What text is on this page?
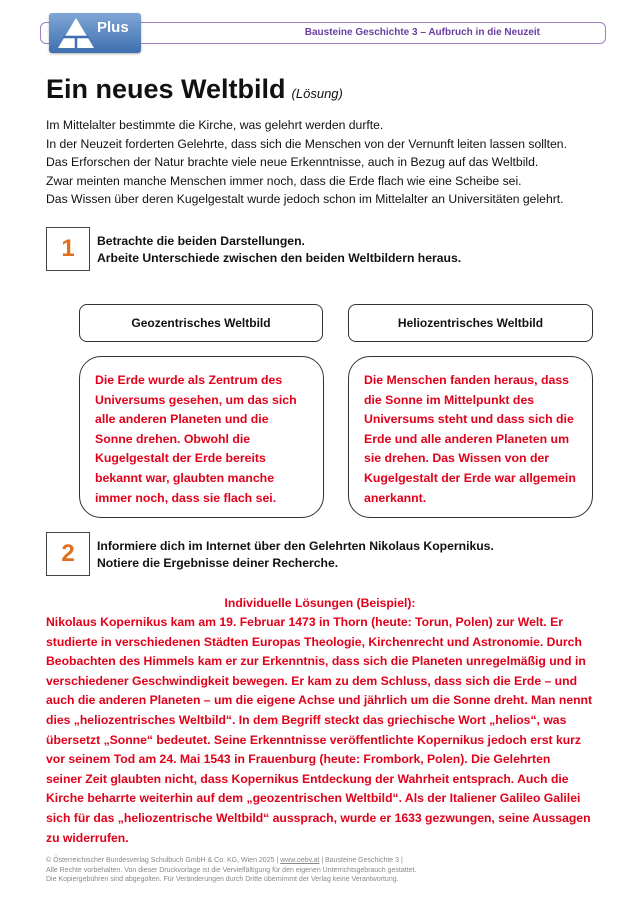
Plus	Bausteine Geschichte 3 – Aufbruch in die Neuzeit
Ein neues Weltbild (Lösung)
Im Mittelalter bestimmte die Kirche, was gelehrt werden durfte.
In der Neuzeit forderten Gelehrte, dass sich die Menschen von der Vernunft leiten lassen sollten.
Das Erforschen der Natur brachte viele neue Erkenntnisse, auch in Bezug auf das Weltbild.
Zwar meinten manche Menschen immer noch, dass die Erde flach wie eine Scheibe sei.
Das Wissen über deren Kugelgestalt wurde jedoch schon im Mittelalter an Universitäten gelehrt.
1	Betrachte die beiden Darstellungen.
Arbeite Unterschiede zwischen den beiden Weltbildern heraus.
Geozentrisches Weltbild	Heliozentrisches Weltbild
Die Erde wurde als Zentrum des
Universums gesehen, um das sich
alle anderen Planeten und die
Sonne drehen. Obwohl die
Kugelgestalt der Erde bereits
bekannt war, glaubten manche
immer noch, dass sie flach sei.
Die Menschen fanden heraus, dass
die Sonne im Mittelpunkt des
Universums steht und dass sich die
Erde und alle anderen Planeten um
sie drehen. Das Wissen von der
Kugelgestalt der Erde war allgemein
anerkannt.
2	Informiere dich im Internet über den Gelehrten Nikolaus Kopernikus.
Notiere die Ergebnisse deiner Recherche.
Individuelle Lösungen (Beispiel):
Nikolaus Kopernikus kam am 19. Februar 1473 in Thorn (heute: Torun, Polen) zur Welt. Er
studierte in verschiedenen Städten Europas Theologie, Kirchenrecht und Astronomie. Durch
Beobachten des Himmels kam er zur Erkenntnis, dass sich die Planeten unregelmäßig und in
verschiedener Geschwindigkeit bewegen. Er kam zu dem Schluss, dass sich die Erde – und
auch die anderen Planeten – um die eigene Achse und jährlich um die Sonne dreht. Man nennt
dies „heliozentrisches Weltbild“. In dem Begriff steckt das griechische Wort „helios“, was
übersetzt „Sonne“ bedeutet. Seine Erkenntnisse veröffentlichte Kopernikus jedoch erst kurz
vor seinem Tod am 24. Mai 1543 in Frauenburg (heute: Frombork, Polen). Die Gelehrten
seiner Zeit glaubten nicht, dass Kopernikus Entdeckung der Wahrheit entsprach. Auch die
Kirche beharrte weiterhin auf dem „geozentrischen Weltbild“. Als der Italiener Galileo Galilei
sich für das „heliozentrische Weltbild“ aussprach, wurde er 1633 gezwungen, seine Aussagen
zu widerrufen.
© Österreichischer Bundesverlag Schulbuch GmbH & Co. KG, Wien 2025 | www.oebv.at | Bausteine Geschichte 3 |
Alle Rechte vorbehalten. Von dieser Druckvorlage ist die Vervielfältigung für den eigenen Unterrichtsgebrauch gestattet.
Die Kopiergebühren sind abgegolten. Für Veränderungen durch Dritte übernimmt der Verlag keine Verantwortung.
